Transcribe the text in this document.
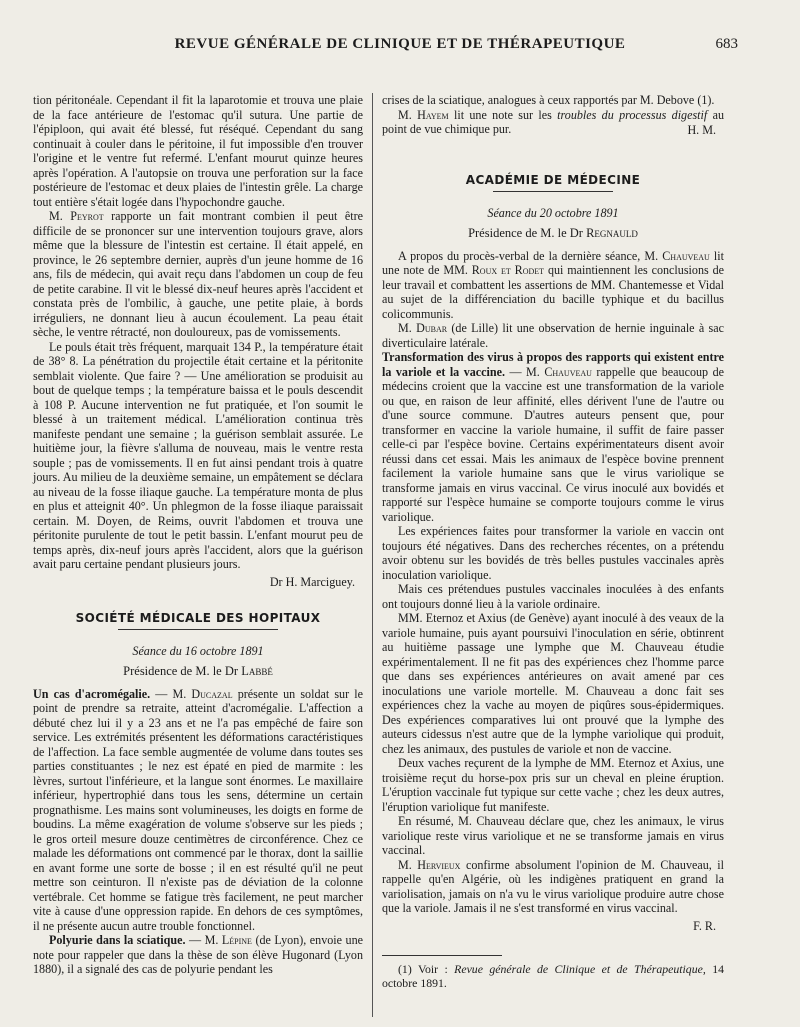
REVUE GÉNÉRALE DE CLINIQUE ET DE THÉRAPEUTIQUE	683

tion péritonéale. Cependant il fit la laparotomie et trouva une plaie de la face antérieure de l'estomac qu'il sutura. Une partie de l'épiploon, qui avait été blessé, fut réséqué. Cependant du sang continuait à couler dans le péritoine, il fut impossible d'en trouver l'origine et le ventre fut refermé. L'enfant mourut quinze heures après l'opération. A l'autopsie on trouva une perforation sur la face postérieure de l'estomac et deux plaies de l'intestin grêle. La charge tout entière s'était logée dans l'hypochondre gauche.

M. Peyrot rapporte un fait montrant combien il peut être difficile de se prononcer sur une intervention toujours grave, alors même que la blessure de l'intestin est certaine. Il était appelé, en province, le 26 septembre dernier, auprès d'un jeune homme de 16 ans, fils de médecin, qui avait reçu dans l'abdomen un coup de feu de petite carabine. Il vit le blessé dix-neuf heures après l'accident et constata près de l'ombilic, à gauche, une petite plaie, à bords irréguliers, ne donnant lieu à aucun écoulement. La peau était sèche, le ventre rétracté, non douloureux, pas de vomissements.

Le pouls était très fréquent, marquait 134 P., la température était de 38° 8. La pénétration du projectile était certaine et la péritonite semblait violente. Que faire ? — Une amélioration se produisit au bout de quelque temps ; la température baissa et le pouls descendit à 108 P. Aucune intervention ne fut pratiquée, et l'on soumit le blessé à un traitement médical. L'amélioration continua très manifeste pendant une semaine ; la guérison semblait assurée. Le huitième jour, la fièvre s'alluma de nouveau, mais le ventre resta souple ; pas de vomissements. Il en fut ainsi pendant trois à quatre jours. Au milieu de la deuxième semaine, un empâtement se déclara au niveau de la fosse iliaque gauche. La température monta de plus en plus et atteignit 40°. Un phlegmon de la fosse iliaque paraissait certain. M. Doyen, de Reims, ouvrit l'abdomen et trouva une péritonite purulente de tout le petit bassin. L'enfant mourut peu de temps après, dix-neuf jours après l'accident, alors que la guérison avait paru certaine pendant plusieurs jours.

Dr H. Marciguey.

SOCIÉTÉ MÉDICALE DES HOPITAUX

Séance du 16 octobre 1891

Présidence de M. le Dr Labbé

Un cas d'acromégalie. — M. Ducazal présente un soldat sur le point de prendre sa retraite, atteint d'acromégalie. L'affection a débuté chez lui il y a 23 ans et ne l'a pas empêché de faire son service. Les extrémités présentent les déformations caractéristiques de l'affection. La face semble augmentée de volume dans toutes ses parties constituantes ; le nez est épaté en pied de marmite : les lèvres, surtout l'inférieure, et la langue sont énormes. Le maxillaire inférieur, hypertrophié dans tous les sens, détermine un certain prognathisme. Les mains sont volumineuses, les doigts en forme de boudins. La même exagération de volume s'observe sur les pieds ; le gros orteil mesure douze centimètres de circonférence. Chez ce malade les déformations ont commencé par le thorax, dont la saillie en avant forme une sorte de bosse ; il en est résulté qu'il ne peut mettre son ceinturon. Il n'existe pas de déviation de la colonne vertébrale. Cet homme se fatigue très facilement, ne peut marcher vite à cause d'une oppression rapide. En dehors de ces symptômes, il ne présente aucun autre trouble fonctionnel.

Polyurie dans la sciatique. — M. Lépine (de Lyon), envoie une note pour rappeler que dans la thèse de son élève Hugonard (Lyon 1880), il a signalé des cas de polyurie pendant les

crises de la sciatique, analogues à ceux rapportés par M. Debove (1).

M. Hayem lit une note sur les troubles du processus digestif au point de vue chimique pur.	H. M.

ACADÉMIE DE MÉDECINE

Séance du 20 octobre 1891

Présidence de M. le Dr Regnauld

A propos du procès-verbal de la dernière séance, M. Chauveau lit une note de MM. Roux et Rodet qui maintiennent les conclusions de leur travail et combattent les assertions de MM. Chantemesse et Vidal au sujet de la différenciation du bacille typhique et du bacillus colicommunis.

M. Dubar (de Lille) lit une observation de hernie inguinale à sac diverticulaire latérale.

Transformation des virus à propos des rapports qui existent entre la variole et la vaccine. — M. Chauveau rappelle que beaucoup de médecins croient que la vaccine est une transformation de la variole ou que, en raison de leur affinité, elles dérivent l'une de l'autre ou d'une source commune. D'autres auteurs pensent que, pour transformer en vaccine la variole humaine, il suffit de faire passer celle-ci par l'espèce bovine. Certains expérimentateurs disent avoir réussi dans cet essai. Mais les animaux de l'espèce bovine prennent facilement la variole humaine sans que le virus variolique se transforme jamais en virus vaccinal. Ce virus inoculé aux bovidés et rapporté sur l'espèce humaine se comporte toujours comme le virus variolique.

Les expériences faites pour transformer la variole en vaccin ont toujours été négatives. Dans des recherches récentes, on a prétendu avoir obtenu sur les bovidés de très belles pustules vaccinales après inoculation variolique.

Mais ces prétendues pustules vaccinales inoculées à des enfants ont toujours donné lieu à la variole ordinaire.

MM. Eternoz et Axius (de Genève) ayant inoculé à des veaux de la variole humaine, puis ayant poursuivi l'inoculation en série, obtinrent au huitième passage une lymphe que M. Chauveau étudie expérimentalement. Il ne fit pas des expériences chez l'homme parce que dans ses expériences antérieures on avait amené par ces inoculations une variole mortelle. M. Chauveau a donc fait ses expériences chez la vache au moyen de piqûres sous-épidermiques. Des expériences comparatives lui ont prouvé que la lymphe des auteurs cidessus n'est autre que de la lymphe variolique qui produit, chez les animaux, des pustules de variole et non de vaccine.

Deux vaches reçurent de la lymphe de MM. Eternoz et Axius, une troisième reçut du horse-pox pris sur un cheval en pleine éruption. L'éruption vaccinale fut typique sur cette vache ; chez les deux autres, l'éruption variolique fut manifeste.

En résumé, M. Chauveau déclare que, chez les animaux, le virus variolique reste virus variolique et ne se transforme jamais en virus vaccinal.

M. Hervieux confirme absolument l'opinion de M. Chauveau, il rappelle qu'en Algérie, où les indigènes pratiquent en grand la variolisation, jamais on n'a vu le virus variolique produire autre chose que la variole. Jamais il ne s'est transformé en virus vaccinal.

F. R.

(1) Voir : Revue générale de Clinique et de Thérapeutique, 14 octobre 1891.
